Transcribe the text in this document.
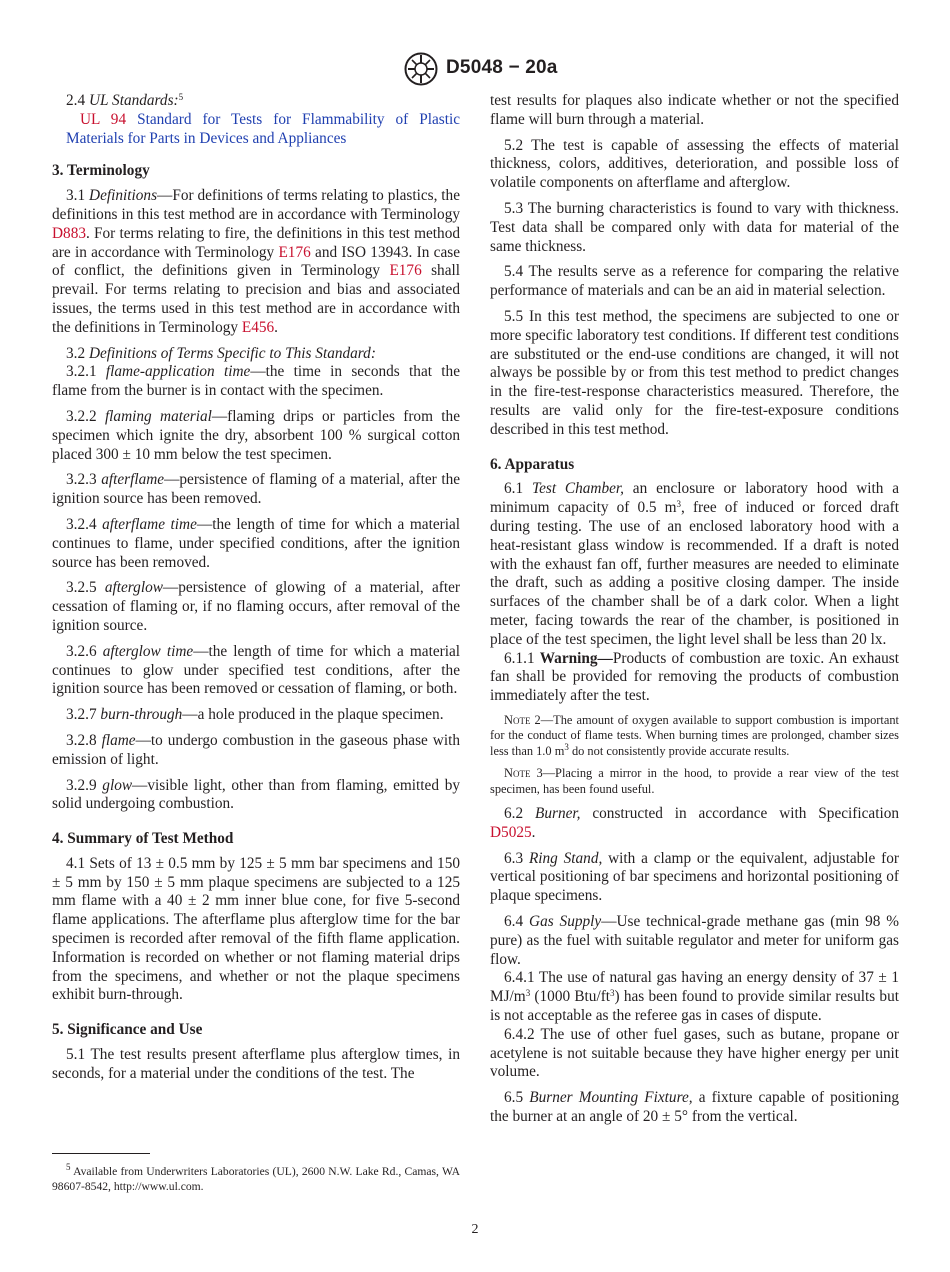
D5048 − 20a

2.4 UL Standards:$^5$

UL 94 Standard for Tests for Flammability of Plastic Materials for Parts in Devices and Appliances

3. Terminology

3.1 Definitions—For definitions of terms relating to plastics, the definitions in this test method are in accordance with Terminology D883. For terms relating to fire, the definitions in this test method are in accordance with Terminology E176 and ISO 13943. In case of conflict, the definitions given in Terminology E176 shall prevail. For terms relating to precision and bias and associated issues, the terms used in this test method are in accordance with the definitions in Terminology E456.

3.2 Definitions of Terms Specific to This Standard:

3.2.1 flame-application time—the time in seconds that the flame from the burner is in contact with the specimen.

3.2.2 flaming material—flaming drips or particles from the specimen which ignite the dry, absorbent 100 % surgical cotton placed 300 ± 10 mm below the test specimen.

3.2.3 afterflame—persistence of flaming of a material, after the ignition source has been removed.

3.2.4 afterflame time—the length of time for which a material continues to flame, under specified conditions, after the ignition source has been removed.

3.2.5 afterglow—persistence of glowing of a material, after cessation of flaming or, if no flaming occurs, after removal of the ignition source.

3.2.6 afterglow time—the length of time for which a material continues to glow under specified test conditions, after the ignition source has been removed or cessation of flaming, or both.

3.2.7 burn-through—a hole produced in the plaque specimen.

3.2.8 flame—to undergo combustion in the gaseous phase with emission of light.

3.2.9 glow—visible light, other than from flaming, emitted by solid undergoing combustion.

4. Summary of Test Method

4.1 Sets of 13 ± 0.5 mm by 125 ± 5 mm bar specimens and 150 ± 5 mm by 150 ± 5 mm plaque specimens are subjected to a 125 mm flame with a 40 ± 2 mm inner blue cone, for five 5-second flame applications. The afterflame plus afterglow time for the bar specimen is recorded after removal of the fifth flame application. Information is recorded on whether or not flaming material drips from the specimens, and whether or not the plaque specimens exhibit burn-through.

5. Significance and Use

5.1 The test results present afterflame plus afterglow times, in seconds, for a material under the conditions of the test. The

$^5$ Available from Underwriters Laboratories (UL), 2600 N.W. Lake Rd., Camas, WA 98607-8542, http://www.ul.com.

test results for plaques also indicate whether or not the specified flame will burn through a material.

5.2 The test is capable of assessing the effects of material thickness, colors, additives, deterioration, and possible loss of volatile components on afterflame and afterglow.

5.3 The burning characteristics is found to vary with thickness. Test data shall be compared only with data for material of the same thickness.

5.4 The results serve as a reference for comparing the relative performance of materials and can be an aid in material selection.

5.5 In this test method, the specimens are subjected to one or more specific laboratory test conditions. If different test conditions are substituted or the end-use conditions are changed, it will not always be possible by or from this test method to predict changes in the fire-test-response characteristics measured. Therefore, the results are valid only for the fire-test-exposure conditions described in this test method.

6. Apparatus

6.1 Test Chamber, an enclosure or laboratory hood with a minimum capacity of 0.5 $m^3$, free of induced or forced draft during testing. The use of an enclosed laboratory hood with a heat-resistant glass window is recommended. If a draft is noted with the exhaust fan off, further measures are needed to eliminate the draft, such as adding a positive closing damper. The inside surfaces of the chamber shall be of a dark color. When a light meter, facing towards the rear of the chamber, is positioned in place of the test specimen, the light level shall be less than 20 lx.

6.1.1 Warning—Products of combustion are toxic. An exhaust fan shall be provided for removing the products of combustion immediately after the test.

Note 2—The amount of oxygen available to support combustion is important for the conduct of flame tests. When burning times are prolonged, chamber sizes less than 1.0 $m^3$ do not consistently provide accurate results.

Note 3—Placing a mirror in the hood, to provide a rear view of the test specimen, has been found useful.

6.2 Burner, constructed in accordance with Specification D5025.

6.3 Ring Stand, with a clamp or the equivalent, adjustable for vertical positioning of bar specimens and horizontal positioning of plaque specimens.

6.4 Gas Supply—Use technical-grade methane gas (min 98 % pure) as the fuel with suitable regulator and meter for uniform gas flow.

6.4.1 The use of natural gas having an energy density of 37 ± 1 $MJ/m^3$ (1000 Btu/$ft^3$) has been found to provide similar results but is not acceptable as the referee gas in cases of dispute.

6.4.2 The use of other fuel gases, such as butane, propane or acetylene is not suitable because they have higher energy per unit volume.

6.5 Burner Mounting Fixture, a fixture capable of positioning the burner at an angle of 20 ± 5° from the vertical.

2
